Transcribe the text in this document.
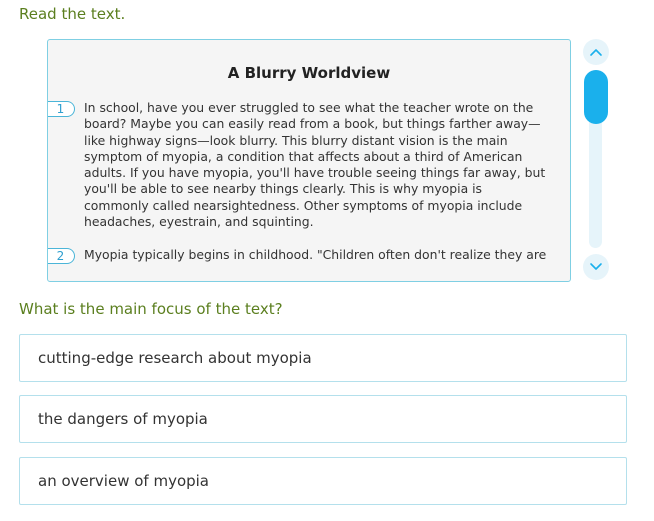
Read the text.
A Blurry Worldview
1	In school, have you ever struggled to see what the teacher wrote on the board? Maybe you can easily read from a book, but things farther away—like highway signs—look blurry. This blurry distant vision is the main symptom of myopia, a condition that affects about a third of American adults. If you have myopia, you'll have trouble seeing things far away, but you'll be able to see nearby things clearly. This is why myopia is commonly called nearsightedness. Other symptoms of myopia include headaches, eyestrain, and squinting.

2	Myopia typically begins in childhood. "Children often don't realize they are

What is the main focus of the text?
cutting-edge research about myopia
the dangers of myopia
an overview of myopia
